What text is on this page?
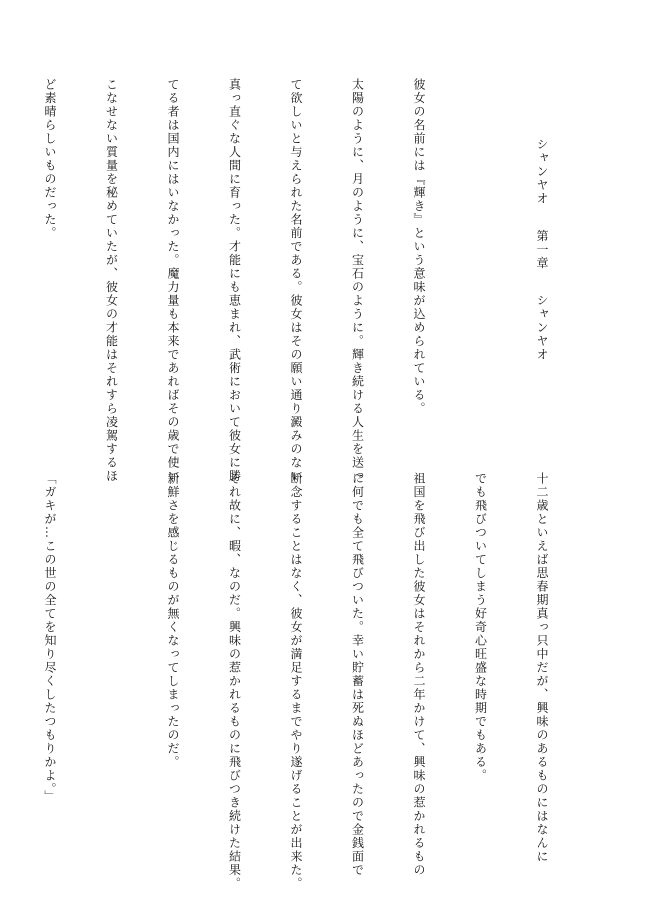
シャンヤオ第一章シャンヤオ

彼女の名前には『輝き』という意味が込められている。

太陽のように、月のように、宝石のように。輝き続ける人生を送っ

て欲しいと与えられた名前である。彼女はその願い通り澱みのない

真っ直ぐな人間に育った。才能にも恵まれ、武術において彼女に勝

てる者は国内にはいなかった。魔力量も本来であればその歳で使い

こなせない質量を秘めていたが、彼女の才能はそれすら凌駕するほ

ど素晴らしいものだった。

十二歳といえば思春期真っ只中だが、興味のあるものにはなんに

でも飛びついてしまう好奇心旺盛な時期でもある。

祖国を飛び出した彼女はそれから二年かけて、興味の惹かれるもの

に何でも全て飛びついた。幸い貯蓄は死ぬほどあったので金銭面で

断念することはなく、彼女が満足するまでやり遂げることが出来た。

それ故に、暇、なのだ。興味の惹かれるものに飛びつき続けた結果。

新鮮さを感じるものが無くなってしまったのだ。

「ガキが…この世の全てを知り尽くしたつもりかよ。」
